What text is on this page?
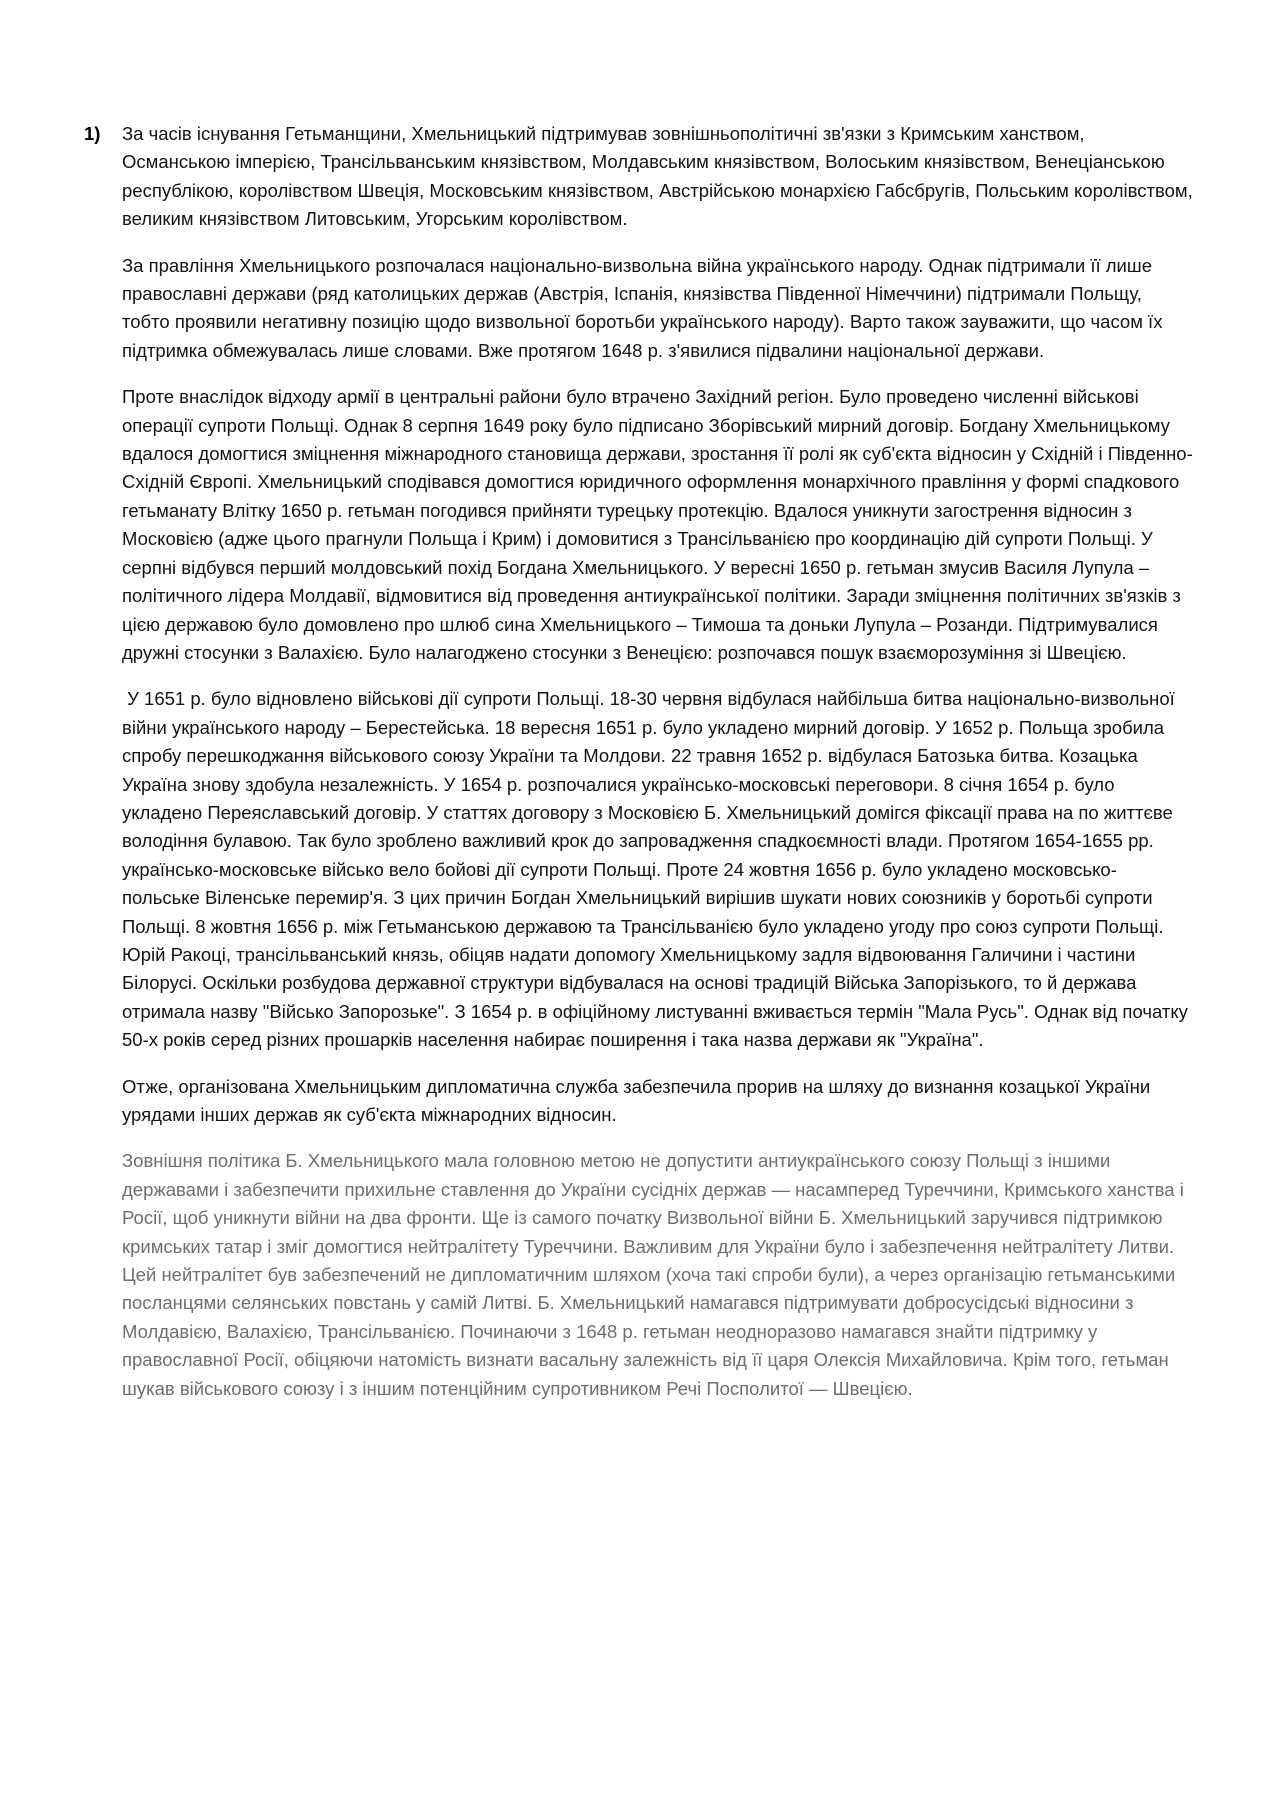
1) За часів існування Гетьманщини, Хмельницький підтримував зовнішньополітичні зв'язки з Кримським ханством, Османською імперією, Трансільванським князівством, Молдавським князівством, Волоським князівством, Венеціанською республікою, королівством Швеція, Московським князівством, Австрійською монархією Габсбругів, Польським королівством, великим князівством Литовським, Угорським королівством.

За правління Хмельницького розпочалася національно-визвольна війна українського народу. Однак підтримали її лише православні держави (ряд католицьких держав (Австрія, Іспанія, князівства Південної Німеччини) підтримали Польщу, тобто проявили негативну позицію щодо визвольної боротьби українського народу). Варто також зауважити, що часом їх підтримка обмежувалась лише словами. Вже протягом 1648 р. з'явилися підвалини національної держави.

Проте внаслідок відходу армії в центральні райони було втрачено Західний регіон. Було проведено численні військові операції супроти Польщі. Однак 8 серпня 1649 року було підписано Зборівський мирний договір. Богдану Хмельницькому вдалося домогтися зміцнення міжнародного становища держави, зростання її ролі як суб'єкта відносин у Східній і Південно-Східній Європі. Хмельницький сподівався домогтися юридичного оформлення монархічного правління у формі спадкового гетьманату Влітку 1650 р. гетьман погодився прийняти турецьку протекцію. Вдалося уникнути загострення відносин з Московією (адже цього прагнули Польща і Крим) і домовитися з Трансільванією про координацію дій супроти Польщі. У серпні відбувся перший молдовський похід Богдана Хмельницького. У вересні 1650 р. гетьман змусив Василя Лупула – політичного лідера Молдавії, відмовитися від проведення антиукраїнської політики. Заради зміцнення політичних зв'язків з цією державою було домовлено про шлюб сина Хмельницького – Тимоша та доньки Лупула – Розанди. Підтримувалися дружні стосунки з Валахією. Було налагоджено стосунки з Венецією: розпочався пошук взаєморозуміння зі Швецією.

У 1651 р. було відновлено військові дії супроти Польщі. 18-30 червня відбулася найбільша битва національно-визвольної війни українського народу – Берестейська. 18 вересня 1651 р. було укладено мирний договір. У 1652 р. Польща зробила спробу перешкоджання військового союзу України та Молдови. 22 травня 1652 р. відбулася Батозька битва. Козацька Україна знову здобула незалежність. У 1654 р. розпочалися українсько-московські переговори. 8 січня 1654 р. було укладено Переяславський договір. У статтях договору з Московією Б. Хмельницький домігся фіксації права на по життєве володіння булавою. Так було зроблено важливий крок до запровадження спадкоємності влади. Протягом 1654-1655 рр. українсько-московське військо вело бойові дії супроти Польщі. Проте 24 жовтня 1656 р. було укладено московсько-польське Віленське перемир'я. З цих причин Богдан Хмельницький вирішив шукати нових союзників у боротьбі супроти Польщі. 8 жовтня 1656 р. між Гетьманською державою та Трансільванією було укладено угоду про союз супроти Польщі. Юрій Ракоці, трансільванський князь, обіцяв надати допомогу Хмельницькому задля відвоювання Галичини і частини Білорусі. Оскільки розбудова державної структури відбувалася на основі традицій Війська Запорізького, то й держава отримала назву "Військо Запорозьке". З 1654 р. в офіційному листуванні вживається термін "Мала Русь". Однак від початку 50-х років серед різних прошарків населення набирає поширення і така назва держави як "Україна".

Отже, організована Хмельницьким дипломатична служба забезпечила прорив на шляху до визнання козацької України урядами інших держав як суб'єкта міжнародних відносин.

Зовнішня політика Б. Хмельницького мала головною метою не допустити антиукраїнського союзу Польщі з іншими державами і забезпечити прихильне ставлення до України сусідніх держав — насамперед Туреччини, Кримського ханства і Росії, щоб уникнути війни на два фронти. Ще із самого початку Визвольної війни Б. Хмельницький заручився підтримкою кримських татар і зміг домогтися нейтралітету Туреччини. Важливим для України було і забезпечення нейтралітету Литви. Цей нейтралітет був забезпечений не дипломатичним шляхом (хоча такі спроби були), а через організацію гетьманськими посланцями селянських повстань у самій Литві. Б. Хмельницький намагався підтримувати добросусідські відносини з Молдавією, Валахією, Трансільванією. Починаючи з 1648 р. гетьман неодноразово намагався знайти підтримку у православної Росії, обіцяючи натомість визнати васальну залежність від її царя Олексія Михайловича. Крім того, гетьман шукав військового союзу і з іншим потенційним супротивником Речі Посполитої — Швецією.
